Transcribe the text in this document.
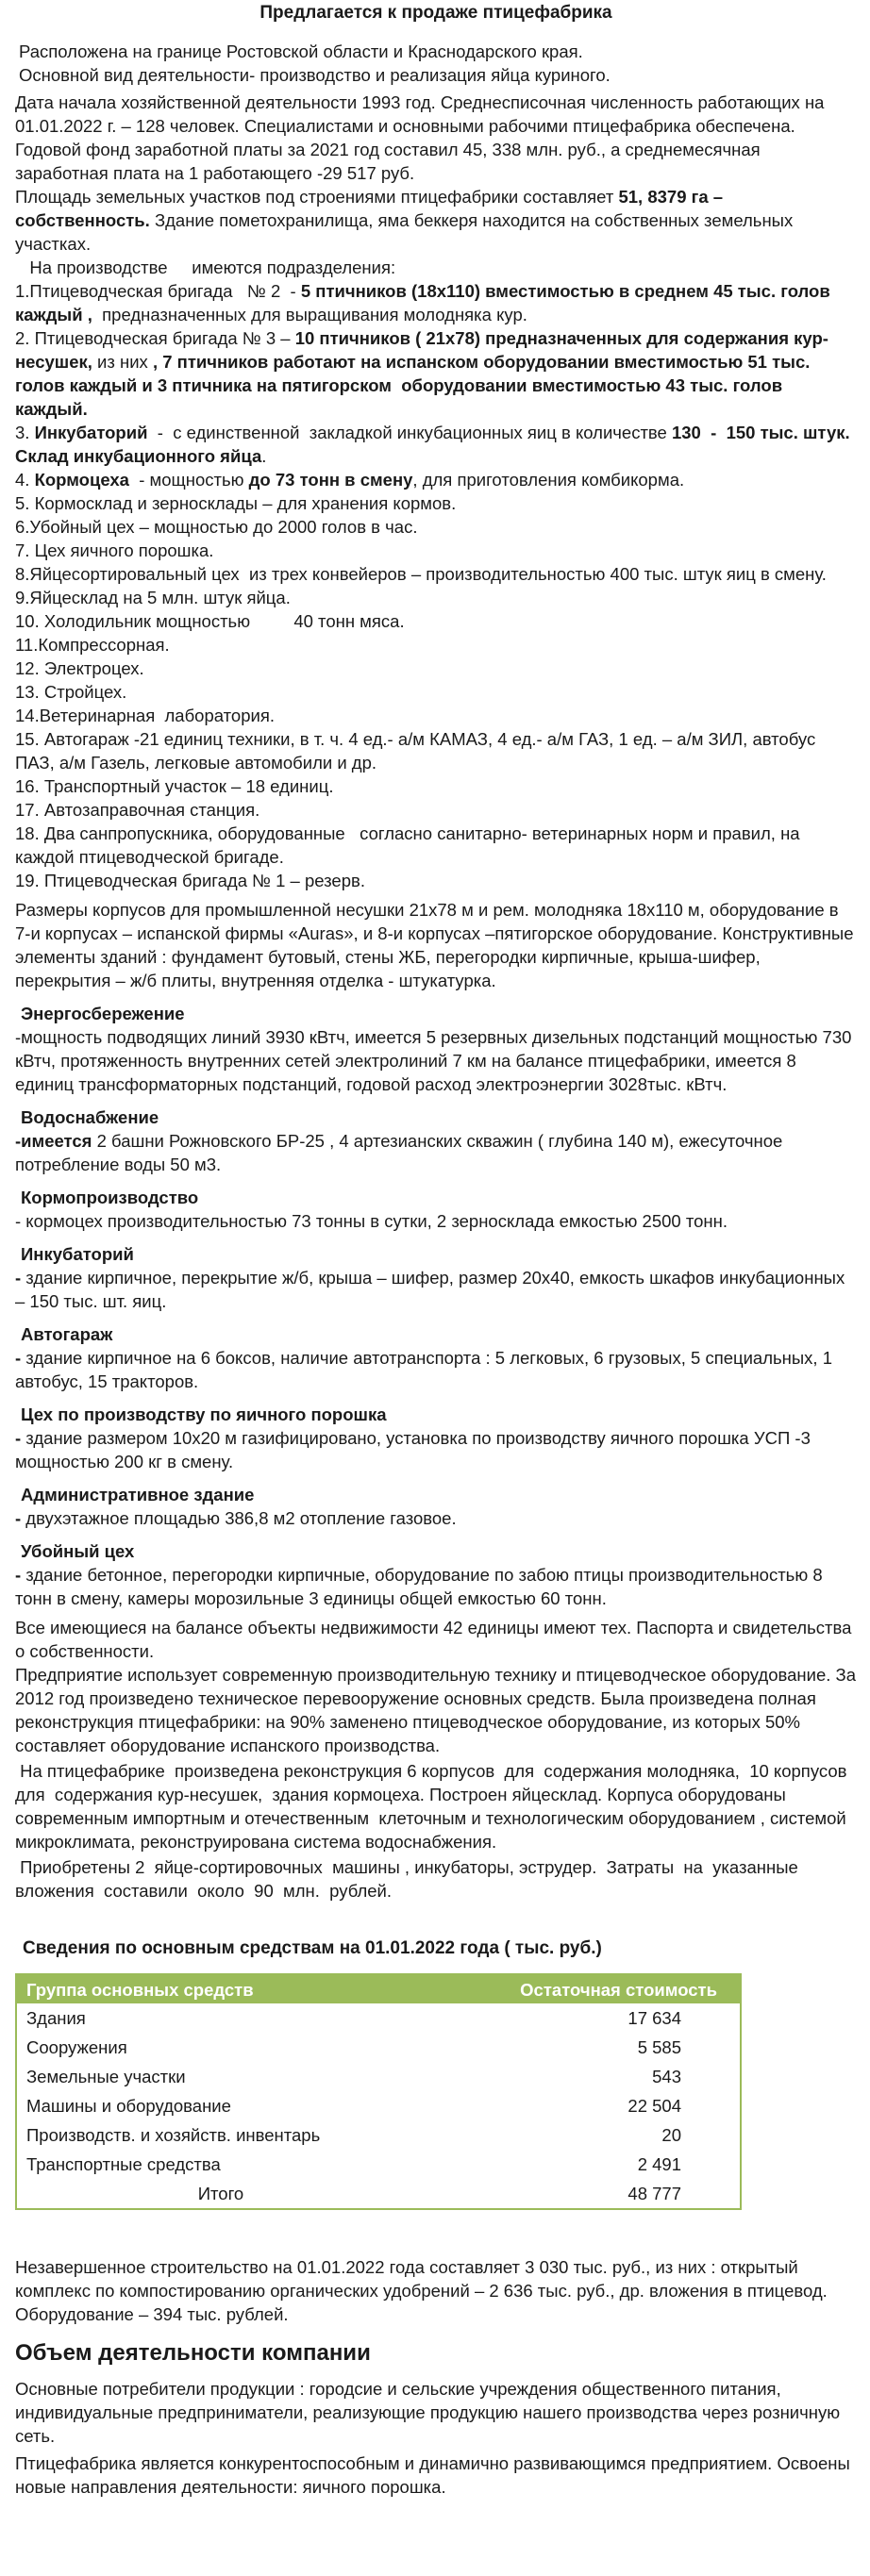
Предлагается к продаже птицефабрика

Расположена на границе Ростовской области и Краснодарского края.

Основной вид деятельности- производство и реализация яйца куриного.

Дата начала хозяйственной деятельности 1993 год. Среднесписочная численность работающих на 01.01.2022 г. – 128 человек. Специалистами и основными рабочими птицефабрика обеспечена.

Годовой фонд заработной платы за 2021 год составил 45, 338 млн. руб., а среднемесячная заработная плата на 1 работающего -29 517 руб.

Площадь земельных участков под строениями птицефабрики составляет 51, 8379 га – собственность. Здание пометохранилища, яма беккеря находится на собственных земельных участках.

На производстве     имеются подразделения:

1.Птицеводческая бригада   № 2  - 5 птичников (18х110) вместимостью в среднем 45 тыс. голов каждый ,  предназначенных для выращивания молодняка кур.

2. Птицеводческая бригада № 3 – 10 птичников ( 21х78) предназначенных для содержания кур-несушек, из них , 7 птичников работают на испанском оборудовании вместимостью 51 тыс. голов каждый и 3 птичника на пятигорском  оборудовании вместимостью 43 тыс. голов каждый.

3. Инкубаторий  -  с единственной  закладкой инкубационных яиц в количестве 130  -  150 тыс. штук.  Склад инкубационного яйца.

4. Кормоцеха  - мощностью до 73 тонн в смену, для приготовления комбикорма.

5. Кормосклад и зерносклады – для хранения кормов.

6.Убойный цех – мощностью до 2000 голов в час.

7. Цех яичного порошка.

8.Яйцесортировальный цех  из трех конвейеров – производительностью 400 тыс. штук яиц в смену.

9.Яйцесклад на 5 млн. штук яйца.

10. Холодильник мощностью         40 тонн мяса.

11.Компрессорная.

12. Электроцех.

13. Стройцех.

14.Ветеринарная  лаборатория.

15. Автогараж -21 единиц техники, в т. ч. 4 ед.- а/м КАМАЗ, 4 ед.- а/м ГАЗ, 1 ед. – а/м ЗИЛ, автобус ПАЗ, а/м Газель, легковые автомобили и др.

16. Транспортный участок – 18 единиц.

17. Автозаправочная станция.

18. Два санпропускника, оборудованные   согласно санитарно- ветеринарных норм и правил, на каждой птицеводческой бригаде.

19. Птицеводческая бригада № 1 – резерв.

Размеры корпусов для промышленной несушки 21х78 м и рем. молодняка 18х110 м, оборудование в 7-и корпусах – испанской фирмы «Auras», и 8-и корпусах –пятигорское оборудование. Конструктивные элементы зданий : фундамент бутовый, стены ЖБ, перегородки кирпичные, крыша-шифер, перекрытия – ж/б плиты, внутренняя отделка - штукатурка.

Энергосбережение

-мощность подводящих линий 3930 кВтч, имеется 5 резервных дизельных подстанций мощностью 730 кВтч, протяженность внутренних сетей электролиний 7 км на балансе птицефабрики, имеется 8 единиц трансформаторных подстанций, годовой расход электроэнергии 3028тыс. кВтч.

Водоснабжение

-имеется 2 башни Рожновского БР-25 , 4 артезианских скважин ( глубина 140 м), ежесуточное потребление воды 50 м3.

Кормопроизводство

- кормоцех производительностью 73 тонны в сутки, 2 зерносклада емкостью 2500 тонн.

Инкубаторий

- здание кирпичное, перекрытие ж/б, крыша – шифер, размер 20х40, емкость шкафов инкубационных – 150 тыс. шт. яиц.

Автогараж

- здание кирпичное на 6 боксов, наличие автотранспорта : 5 легковых, 6 грузовых, 5 специальных, 1 автобус, 15 тракторов.

Цех по производству по яичного порошка

- здание размером 10х20 м газифицировано, установка по производству яичного порошка УСП -3 мощностью 200 кг в смену.

Административное здание

- двухэтажное площадью 386,8 м2 отопление газовое.

Убойный цех

- здание бетонное, перегородки кирпичные, оборудование по забою птицы производительностью 8 тонн в смену, камеры морозильные 3 единицы общей емкостью 60 тонн.

Все имеющиеся на балансе объекты недвижимости 42 единицы имеют тех. Паспорта и свидетельства о собственности.

Предприятие использует современную производительную технику и птицеводческое оборудование. За 2012 год произведено техническое перевооружение основных средств. Была произведена полная реконструкция птицефабрики: на 90% заменено птицеводческое оборудование, из которых 50% составляет оборудование испанского производства.

На птицефабрике  произведена реконструкция 6 корпусов  для  содержания молодняка,  10 корпусов для  содержания кур-несушек,  здания кормоцеха. Построен яйцесклад. Корпуса оборудованы современным импортным и отечественным  клеточным и технологическим оборудованием , системой микроклимата, реконструирована система водоснабжения.

Приобретены 2  яйце-сортировочных  машины , инкубаторы, эструдер.  Затраты  на  указанные вложения  составили  около  90  млн.  рублей.

Сведения по основным средствам на 01.01.2022 года ( тыс. руб.)
Группа основных средств	Остаточная стоимость
Здания	17 634
Сооружения	5 585
Земельные участки	543
Машины и оборудование	22 504
Производств. и хозяйств. инвентарь	20
Транспортные средства	2 491
Итого	48 777

Незавершенное строительство на 01.01.2022 года составляет 3 030 тыс. руб., из них : открытый комплекс по компостированию органических удобрений – 2 636 тыс. руб., др. вложения в птицевод. Оборудование – 394 тыс. рублей.

Объем деятельности компании

Основные потребители продукции : городсие и сельские учреждения общественного питания, индивидуальные предприниматели, реализующие продукцию нашего производства через розничную сеть.

Птицефабрика является конкурентоспособным и динамично развивающимся предприятием. Освоены новые направления деятельности: яичного порошка.
